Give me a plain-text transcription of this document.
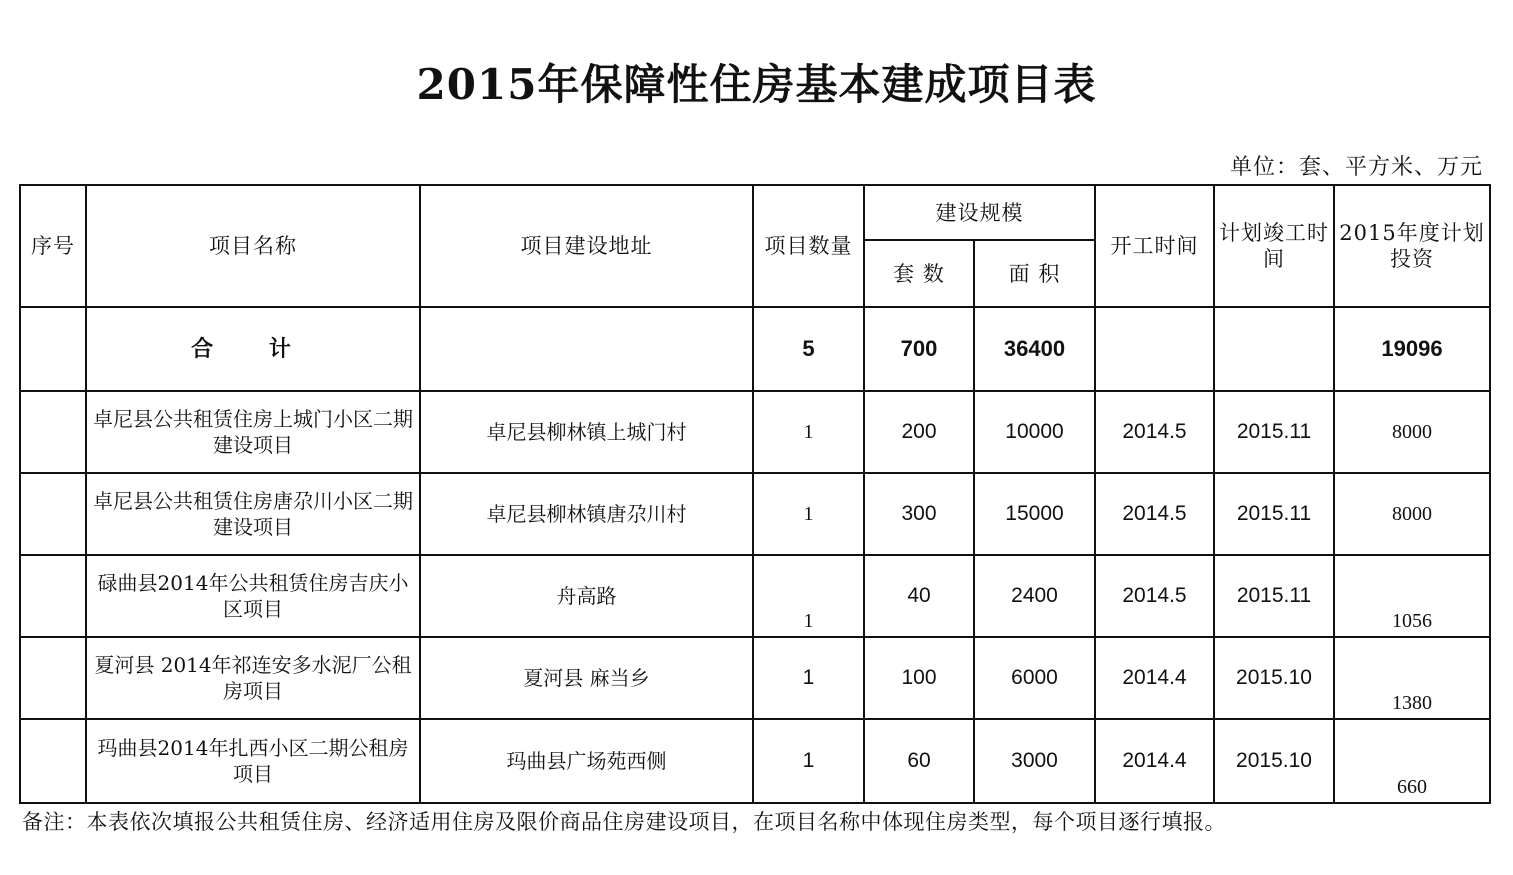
2015年保障性住房基本建成项目表
单位：套、平方米、万元
序号	项目名称	项目建设地址	项目数量	建设规模		开工时间	计划竣工时间	2015年度计划投资
				套 数	面 积			
	合 计		5	700	36400			19096
	卓尼县公共租赁住房上城门小区二期建设项目	卓尼县柳林镇上城门村	1	200	10000	2014.5	2015.11	8000
	卓尼县公共租赁住房唐尕川小区二期建设项目	卓尼县柳林镇唐尕川村	1	300	15000	2014.5	2015.11	8000
	碌曲县2014年公共租赁住房吉庆小区项目	舟高路	1	40	2400	2014.5	2015.11	1056

	夏河县 2014年祁连安多水泥厂公租房项目	夏河县 麻当乡	1	100	6000	2014.4	2015.10	1380

	玛曲县2014年扎西小区二期公租房项目	玛曲县广场苑西侧	1	60	3000	2014.4	2015.10	660
备注：本表依次填报公共租赁住房、经济适用住房及限价商品住房建设项目，在项目名称中体现住房类型，每个项目逐行填报。
